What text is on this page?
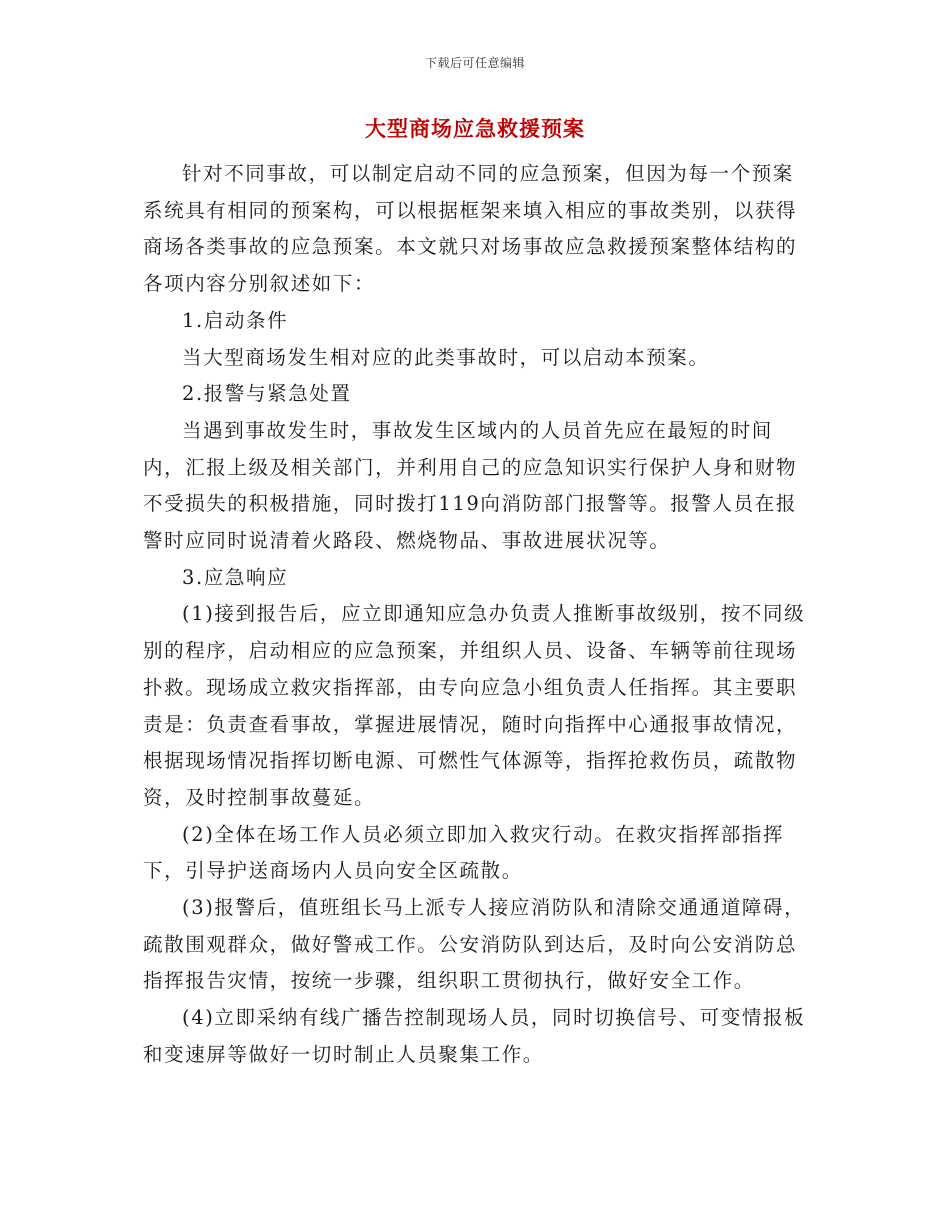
下载后可任意编辑
大型商场应急救援预案

针对不同事故，可以制定启动不同的应急预案，但因为每一个预案系统具有相同的预案构，可以根据框架来填入相应的事故类别，以获得商场各类事故的应急预案。本文就只对场事故应急救援预案整体结构的各项内容分别叙述如下：

1.启动条件

当大型商场发生相对应的此类事故时，可以启动本预案。

2.报警与紧急处置

当遇到事故发生时，事故发生区域内的人员首先应在最短的时间内，汇报上级及相关部门，并利用自己的应急知识实行保护人身和财物不受损失的积极措施，同时拨打119向消防部门报警等。报警人员在报警时应同时说清着火路段、燃烧物品、事故进展状况等。

3.应急响应

(1)接到报告后，应立即通知应急办负责人推断事故级别，按不同级别的程序，启动相应的应急预案，并组织人员、设备、车辆等前往现场扑救。现场成立救灾指挥部，由专向应急小组负责人任指挥。其主要职责是：负责查看事故，掌握进展情况，随时向指挥中心通报事故情况，根据现场情况指挥切断电源、可燃性气体源等，指挥抢救伤员，疏散物资，及时控制事故蔓延。

(2)全体在场工作人员必须立即加入救灾行动。在救灾指挥部指挥下，引导护送商场内人员向安全区疏散。

(3)报警后，值班组长马上派专人接应消防队和清除交通通道障碍，疏散围观群众，做好警戒工作。公安消防队到达后，及时向公安消防总指挥报告灾情，按统一步骤，组织职工贯彻执行，做好安全工作。

(4)立即采纳有线广播告控制现场人员，同时切换信号、可变情报板和变速屏等做好一切时制止人员聚集工作。
